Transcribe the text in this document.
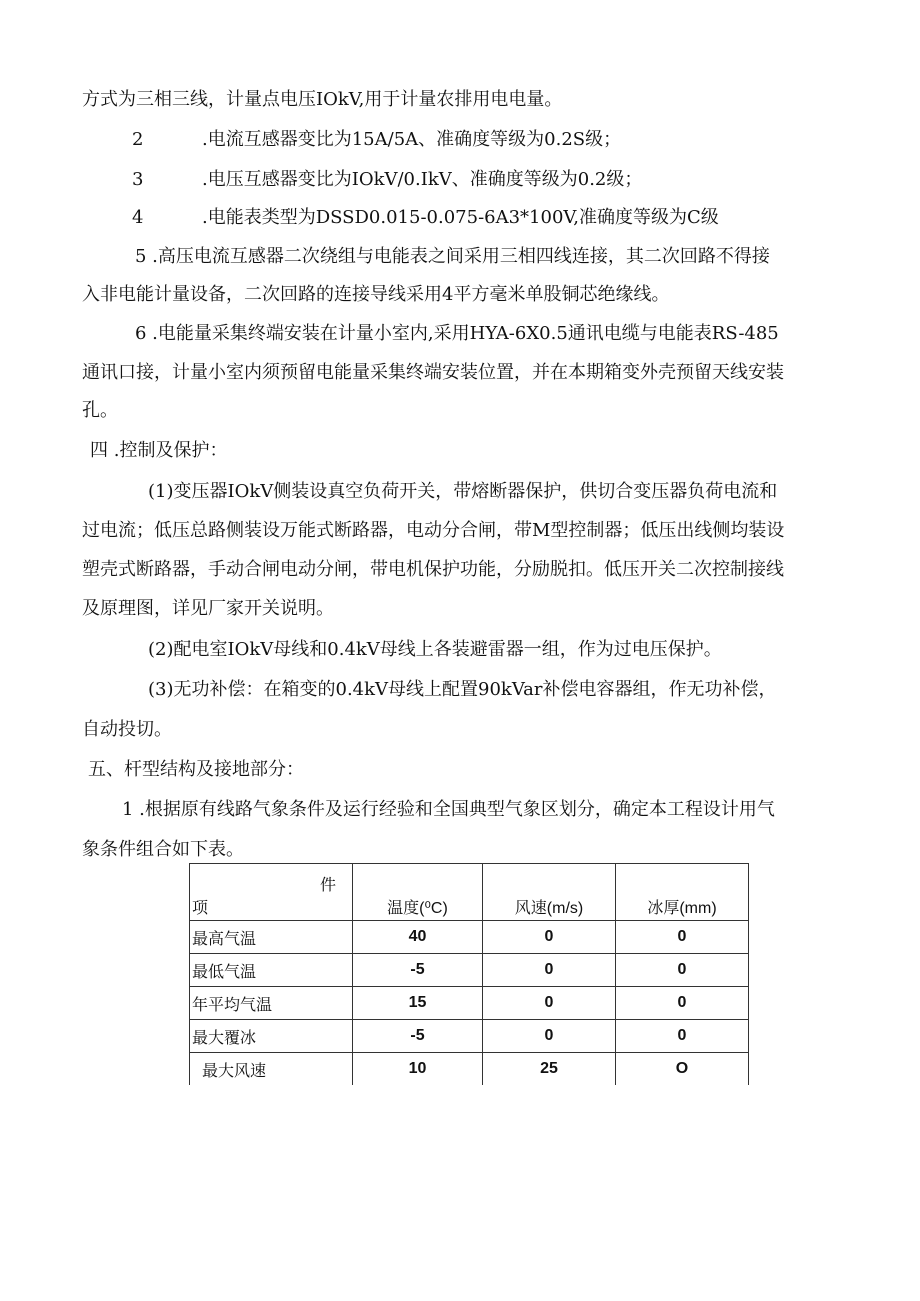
方式为三相三线，计量点电压IOkV,用于计量农排用电电量。
2	.电流互感器变比为15A/5A、准确度等级为0.2S级；
3	.电压互感器变比为IOkV/0.IkV、准确度等级为0.2级；
4	.电能表类型为DSSD0.015-0.075-6A3*100V,准确度等级为C级
5 .高压电流互感器二次绕组与电能表之间采用三相四线连接，其二次回路不得接
入非电能计量设备，二次回路的连接导线采用4平方毫米单股铜芯绝缘线。
6 .电能量采集终端安装在计量小室内,采用HYA-6X0.5通讯电缆与电能表RS-485
通讯口接，计量小室内须预留电能量采集终端安装位置，并在本期箱变外壳预留天线安装
孔。
四 .控制及保护：
(1)变压器IOkV侧装设真空负荷开关，带熔断器保护，供切合变压器负荷电流和
过电流；低压总路侧装设万能式断路器，电动分合闸，带M型控制器；低压出线侧均装设
塑壳式断路器，手动合闸电动分闸，带电机保护功能，分励脱扣。低压开关二次控制接线
及原理图，详见厂家开关说明。
(2)配电室IOkV母线和0.4kV母线上各装避雷器一组，作为过电压保护。
(3)无功补偿：在箱变的0.4kV母线上配置90kVar补偿电容器组，作无功补偿，
自动投切。
五、杆型结构及接地部分：
1 .根据原有线路气象条件及运行经验和全国典型气象区划分，确定本工程设计用气
象条件组合如下表。
件
项	温度(⁰C)	风速(m/s)	冰厚(mm)
最高气温	40	0	0
最低气温	-5	0	0
年平均气温	15	0	0
最大覆冰	-5	0	0
最大风速	10	25	O
